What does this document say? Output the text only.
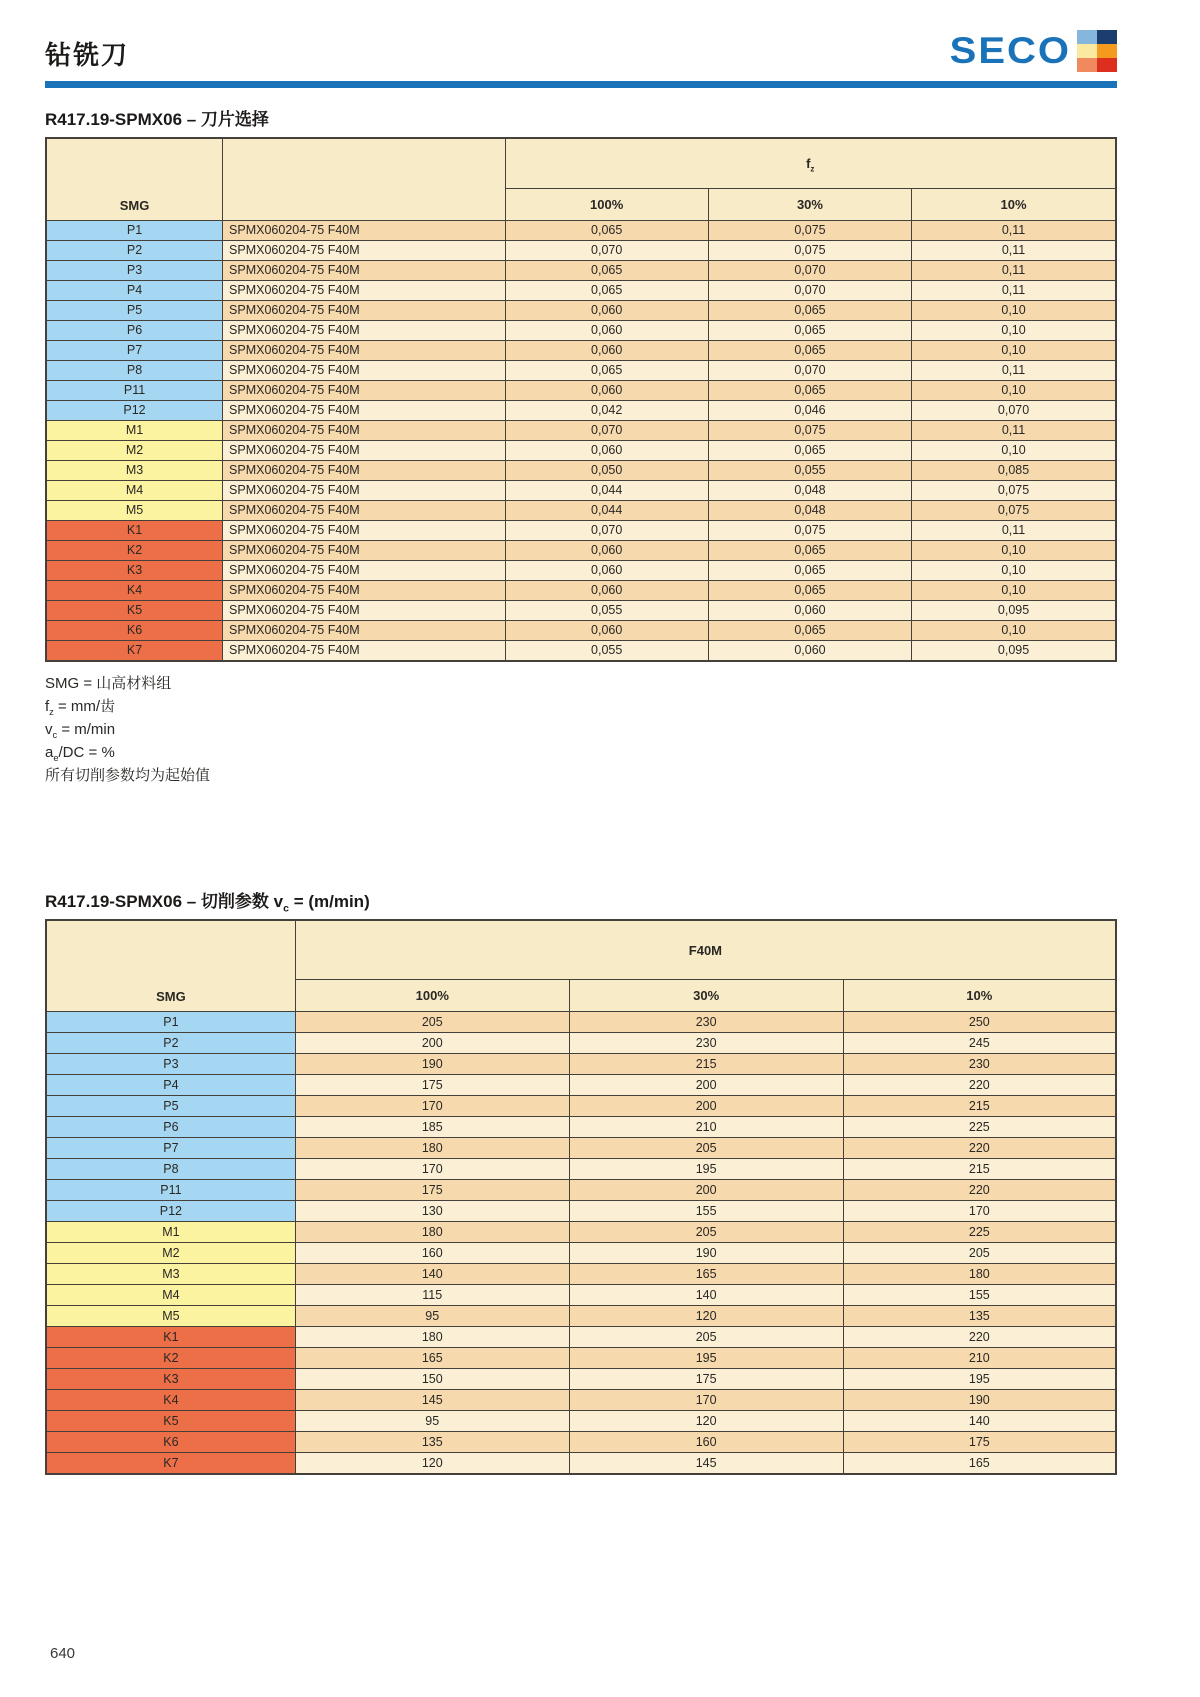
钻铣刀	SECO
R417.19-SPMX06 – 刀片选择
SMG		$f_z$
		100%	30%	10%
P1	SPMX060204-75 F40M	0,065	0,075	0,11
P2	SPMX060204-75 F40M	0,070	0,075	0,11
P3	SPMX060204-75 F40M	0,065	0,070	0,11
P4	SPMX060204-75 F40M	0,065	0,070	0,11
P5	SPMX060204-75 F40M	0,060	0,065	0,10
P6	SPMX060204-75 F40M	0,060	0,065	0,10
P7	SPMX060204-75 F40M	0,060	0,065	0,10
P8	SPMX060204-75 F40M	0,065	0,070	0,11
P11	SPMX060204-75 F40M	0,060	0,065	0,10
P12	SPMX060204-75 F40M	0,042	0,046	0,070
M1	SPMX060204-75 F40M	0,070	0,075	0,11
M2	SPMX060204-75 F40M	0,060	0,065	0,10
M3	SPMX060204-75 F40M	0,050	0,055	0,085
M4	SPMX060204-75 F40M	0,044	0,048	0,075
M5	SPMX060204-75 F40M	0,044	0,048	0,075
K1	SPMX060204-75 F40M	0,070	0,075	0,11
K2	SPMX060204-75 F40M	0,060	0,065	0,10
K3	SPMX060204-75 F40M	0,060	0,065	0,10
K4	SPMX060204-75 F40M	0,060	0,065	0,10
K5	SPMX060204-75 F40M	0,055	0,060	0,095
K6	SPMX060204-75 F40M	0,060	0,065	0,10
K7	SPMX060204-75 F40M	0,055	0,060	0,095
SMG = 山高材料组
$f_z = mm/$齿
$v_c = m/\min$
$a_e/DC$ = %
所有切削参数均为起始值
R417.19-SPMX06 – 切削参数 $v_c = (m/\min)$
SMG	F40M		
	100%	30%	10%
P1	205	230	250
P2	200	230	245
P3	190	215	230
P4	175	200	220
P5	170	200	215
P6	185	210	225
P7	180	205	220
P8	170	195	215
P11	175	200	220
P12	130	155	170
M1	180	205	225
M2	160	190	205
M3	140	165	180
M4	115	140	155
M5	95	120	135
K1	180	205	220
K2	165	195	210
K3	150	175	195
K4	145	170	190
K5	95	120	140
K6	135	160	175
K7	120	145	165
640
